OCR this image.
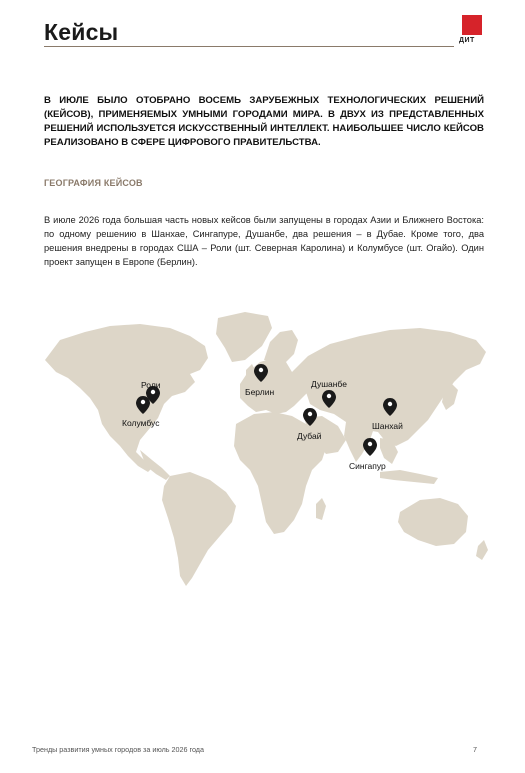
Кейсы	ДИТ
В ИЮЛЕ БЫЛО ОТОБРАНО ВОСЕМЬ ЗАРУБЕЖНЫХ ТЕХНОЛОГИЧЕСКИХ РЕШЕНИЙ (КЕЙСОВ), ПРИМЕНЯЕМЫХ УМНЫМИ ГОРОДАМИ МИРА. В ДВУХ ИЗ ПРЕДСТАВЛЕННЫХ РЕШЕНИЙ ИСПОЛЬЗУЕТСЯ ИСКУССТВЕННЫЙ ИНТЕЛЛЕКТ. НАИБОЛЬШЕЕ ЧИСЛО КЕЙСОВ РЕАЛИЗОВАНО В СФЕРЕ ЦИФРОВОГО ПРАВИТЕЛЬСТВА.
ГЕОГРАФИЯ КЕЙСОВ
В июле 2026 года большая часть новых кейсов были запущены в городах Азии и Ближнего Востока: по одному решению в Шанхае, Сингапуре, Душанбе, два решения – в Дубае. Кроме того, два решения внедрены в городах США – Роли (шт. Северная Каролина) и Колумбусе (шт. Огайо). Один проект запущен в Европе (Берлин).
Роли
Колумбус
Берлин
Душанбе
Дубай
Шанхай
Сингапур
Тренды развития умных городов за июль 2026 года	7
